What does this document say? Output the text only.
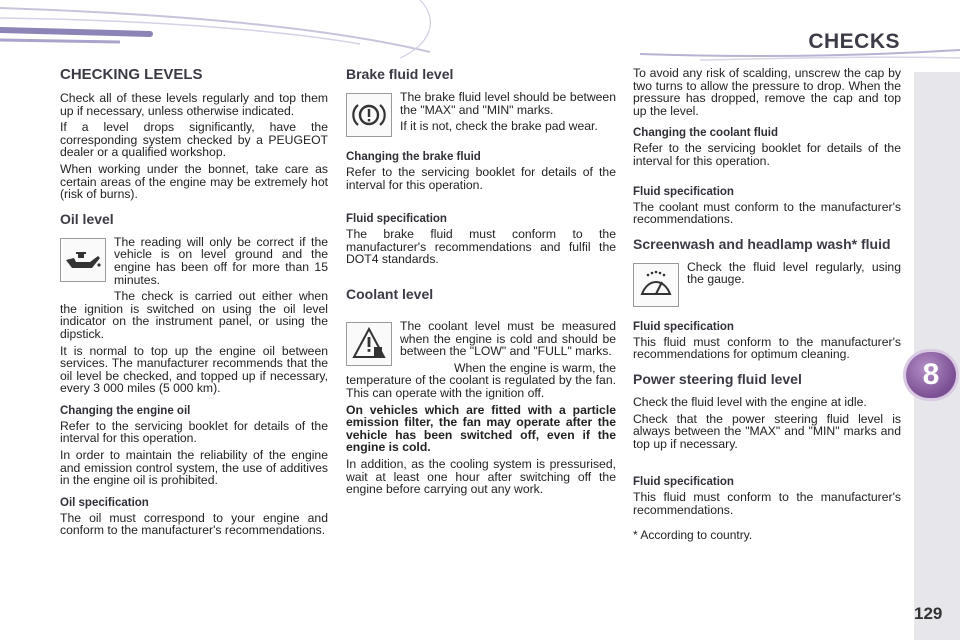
CHECKS
8
129
CHECKING LEVELS

Check all of these levels regularly and top them up if necessary, unless otherwise indicated.

If a level drops significantly, have the corresponding system checked by a PEUGEOT dealer or a qualified workshop.

When working under the bonnet, take care as certain areas of the engine may be extremely hot (risk of burns).

Oil level

The reading will only be correct if the vehicle is on level ground and the engine has been off for more than 15 minutes.

The check is carried out either when the ignition is switched on using the oil level indicator on the instrument panel, or using the dipstick.

It is normal to top up the engine oil between services. The manufacturer recommends that the oil level be checked, and topped up if necessary, every 3 000 miles (5 000 km).

Changing the engine oil

Refer to the servicing booklet for details of the interval for this operation.

In order to maintain the reliability of the engine and emission control system, the use of additives in the engine oil is prohibited.

Oil specification

The oil must correspond to your engine and conform to the manufacturer's recommendations.

Brake fluid level

The brake fluid level should be between the "MAX" and "MIN" marks.

If it is not, check the brake pad wear.

Changing the brake fluid

Refer to the servicing booklet for details of the interval for this operation.

Fluid specification

The brake fluid must conform to the manufacturer's recommendations and fulfil the DOT4 standards.

Coolant level

The coolant level must be measured when the engine is cold and should be between the "LOW" and "FULL" marks.

When the engine is warm, the temperature of the coolant is regulated by the fan. This can operate with the ignition off.

On vehicles which are fitted with a particle emission filter, the fan may operate after the vehicle has been switched off, even if the engine is cold.

In addition, as the cooling system is pressurised, wait at least one hour after switching off the engine before carrying out any work.

To avoid any risk of scalding, unscrew the cap by two turns to allow the pressure to drop. When the pressure has dropped, remove the cap and top up the level.

Changing the coolant fluid

Refer to the servicing booklet for details of the interval for this operation.

Fluid specification

The coolant must conform to the manufacturer's recommendations.

Screenwash and headlamp wash* fluid

Check the fluid level regularly, using the gauge.

Fluid specification

This fluid must conform to the manufacturer's recommendations for optimum cleaning.

Power steering fluid level

Check the fluid level with the engine at idle.

Check that the power steering fluid level is always between the "MAX" and "MIN" marks and top up if necessary.

Fluid specification

This fluid must conform to the manufacturer's recommendations.

* According to country.
